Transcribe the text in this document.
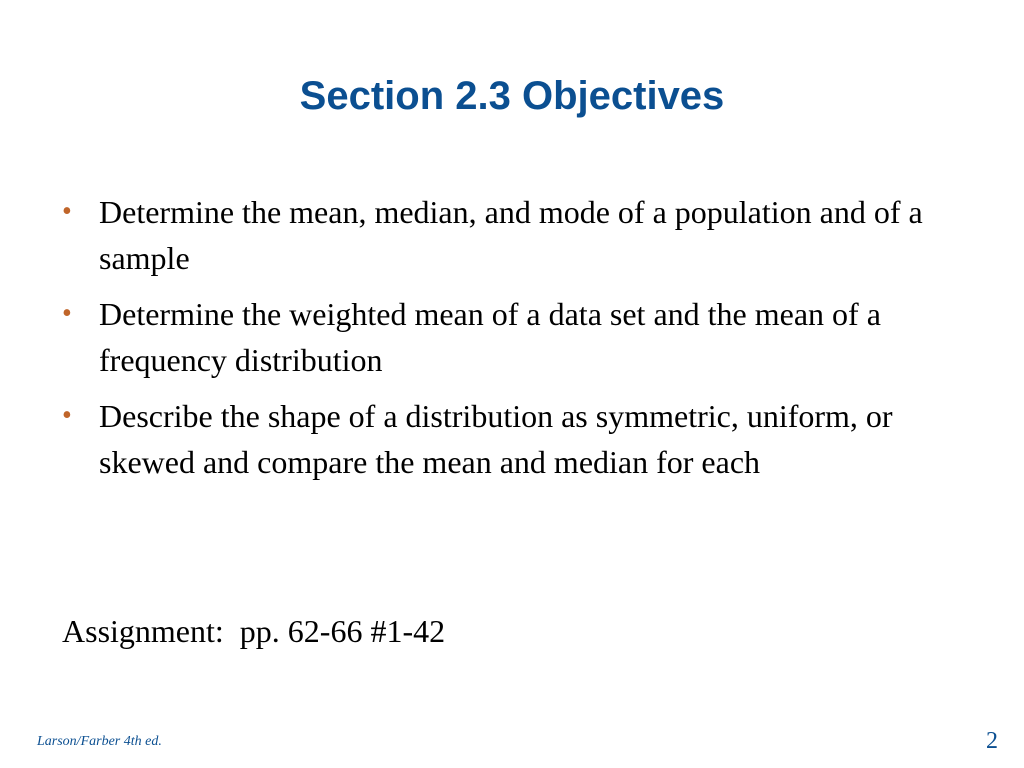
Section 2.3 Objectives
• Determine the mean, median, and mode of a population and of a sample
• Determine the weighted mean of a data set and the mean of a frequency distribution
• Describe the shape of a distribution as symmetric, uniform, or skewed and compare the mean and median for each

Assignment:  pp. 62-66 #1-42

Larson/Farber 4th ed.	2
